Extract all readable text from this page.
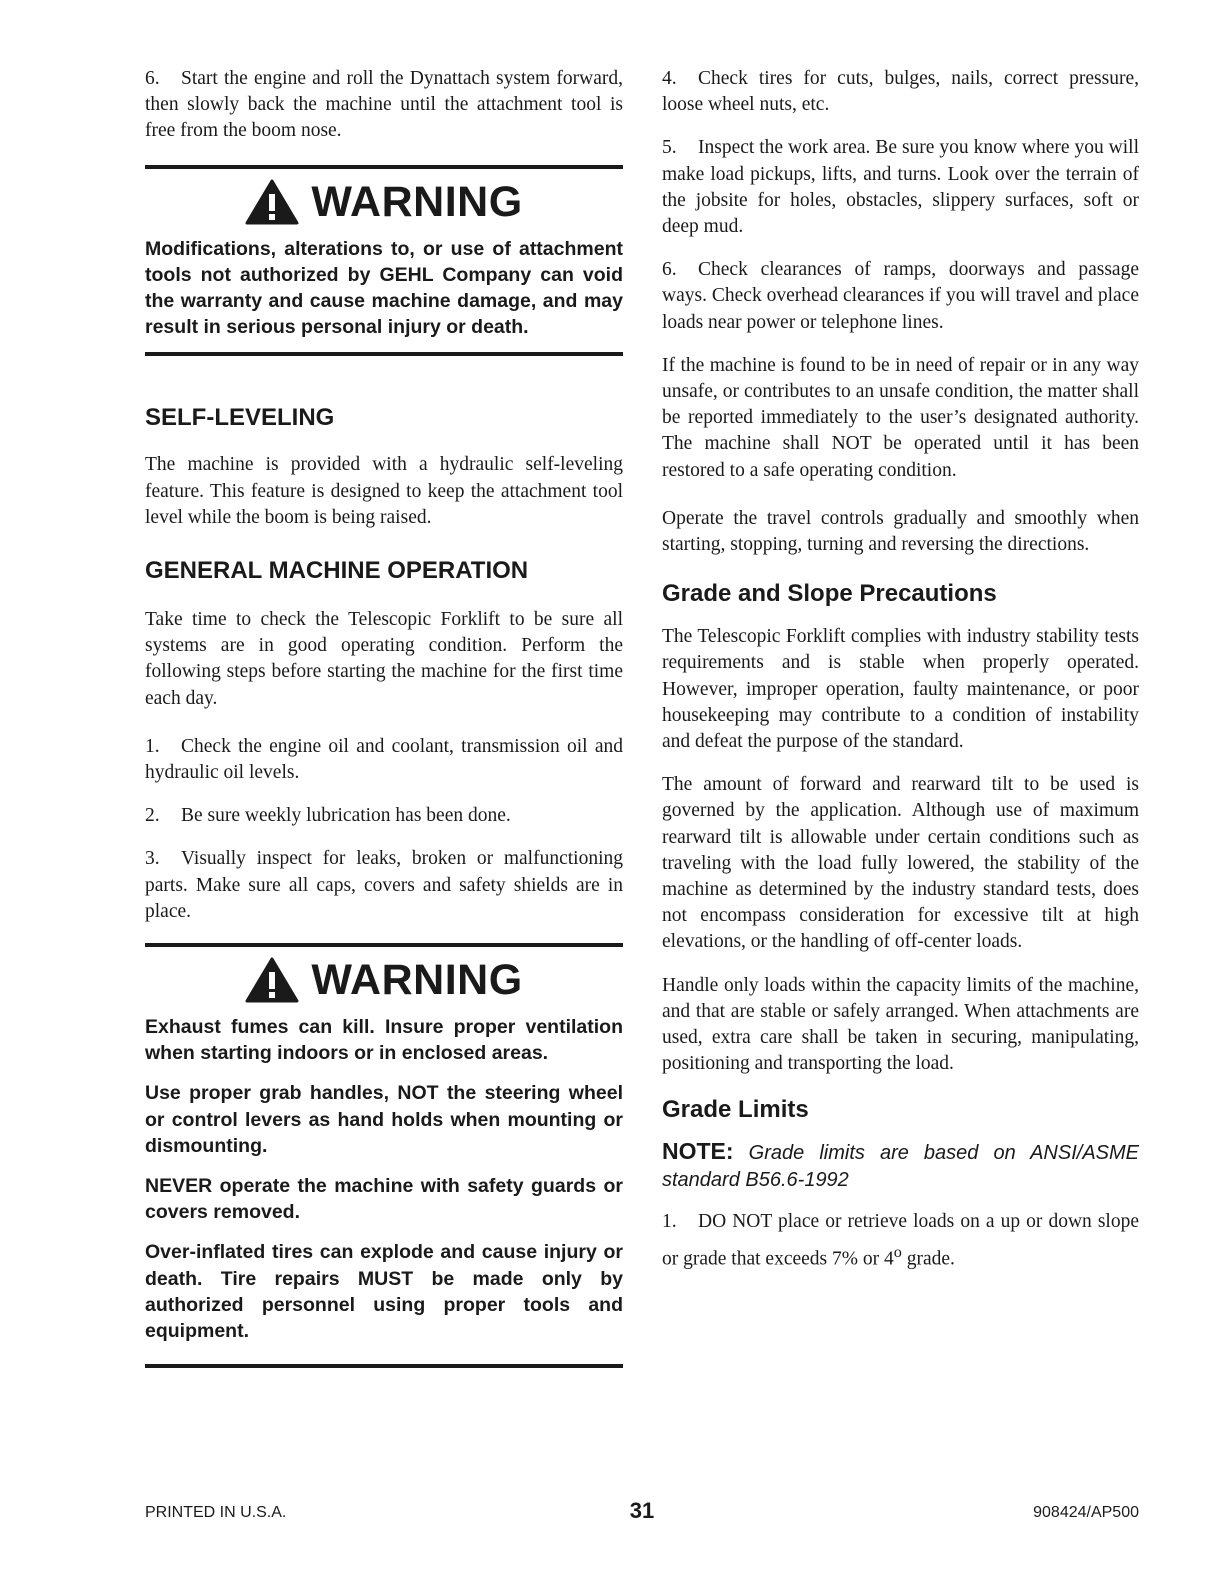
6. Start the engine and roll the Dynattach system forward, then slowly back the machine until the attachment tool is free from the boom nose.

WARNING

Modifications, alterations to, or use of attachment tools not authorized by GEHL Company can void the warranty and cause machine damage, and may result in serious personal injury or death.

SELF-LEVELING

The machine is provided with a hydraulic self-leveling feature. This feature is designed to keep the attachment tool level while the boom is being raised.

GENERAL MACHINE OPERATION

Take time to check the Telescopic Forklift to be sure all systems are in good operating condition. Perform the following steps before starting the machine for the first time each day.

1. Check the engine oil and coolant, transmission oil and hydraulic oil levels.

2. Be sure weekly lubrication has been done.

3. Visually inspect for leaks, broken or malfunctioning parts. Make sure all caps, covers and safety shields are in place.

WARNING

Exhaust fumes can kill. Insure proper ventilation when starting indoors or in enclosed areas.

Use proper grab handles, NOT the steering wheel or control levers as hand holds when mounting or dismounting.

NEVER operate the machine with safety guards or covers removed.

Over-inflated tires can explode and cause injury or death. Tire repairs MUST be made only by authorized personnel using proper tools and equipment.

4. Check tires for cuts, bulges, nails, correct pressure, loose wheel nuts, etc.

5. Inspect the work area. Be sure you know where you will make load pickups, lifts, and turns. Look over the terrain of the jobsite for holes, obstacles, slippery surfaces, soft or deep mud.

6. Check clearances of ramps, doorways and passage ways. Check overhead clearances if you will travel and place loads near power or telephone lines.

If the machine is found to be in need of repair or in any way unsafe, or contributes to an unsafe condition, the matter shall be reported immediately to the user’s designated authority. The machine shall NOT be operated until it has been restored to a safe operating condition.

Operate the travel controls gradually and smoothly when starting, stopping, turning and reversing the directions.

Grade and Slope Precautions

The Telescopic Forklift complies with industry stability tests requirements and is stable when properly operated. However, improper operation, faulty maintenance, or poor housekeeping may contribute to a condition of instability and defeat the purpose of the standard.

The amount of forward and rearward tilt to be used is governed by the application. Although use of maximum rearward tilt is allowable under certain conditions such as traveling with the load fully lowered, the stability of the machine as determined by the industry standard tests, does not encompass consideration for excessive tilt at high elevations, or the handling of off-center loads.

Handle only loads within the capacity limits of the machine, and that are stable or safely arranged. When attachments are used, extra care shall be taken in securing, manipulating, positioning and transporting the load.

Grade Limits

NOTE: Grade limits are based on ANSI/ASME standard B56.6-1992

1. DO NOT place or retrieve loads on a up or down slope or grade that exceeds 7% or 4$^o$ grade.

PRINTED IN U.S.A.	31	908424/AP500
